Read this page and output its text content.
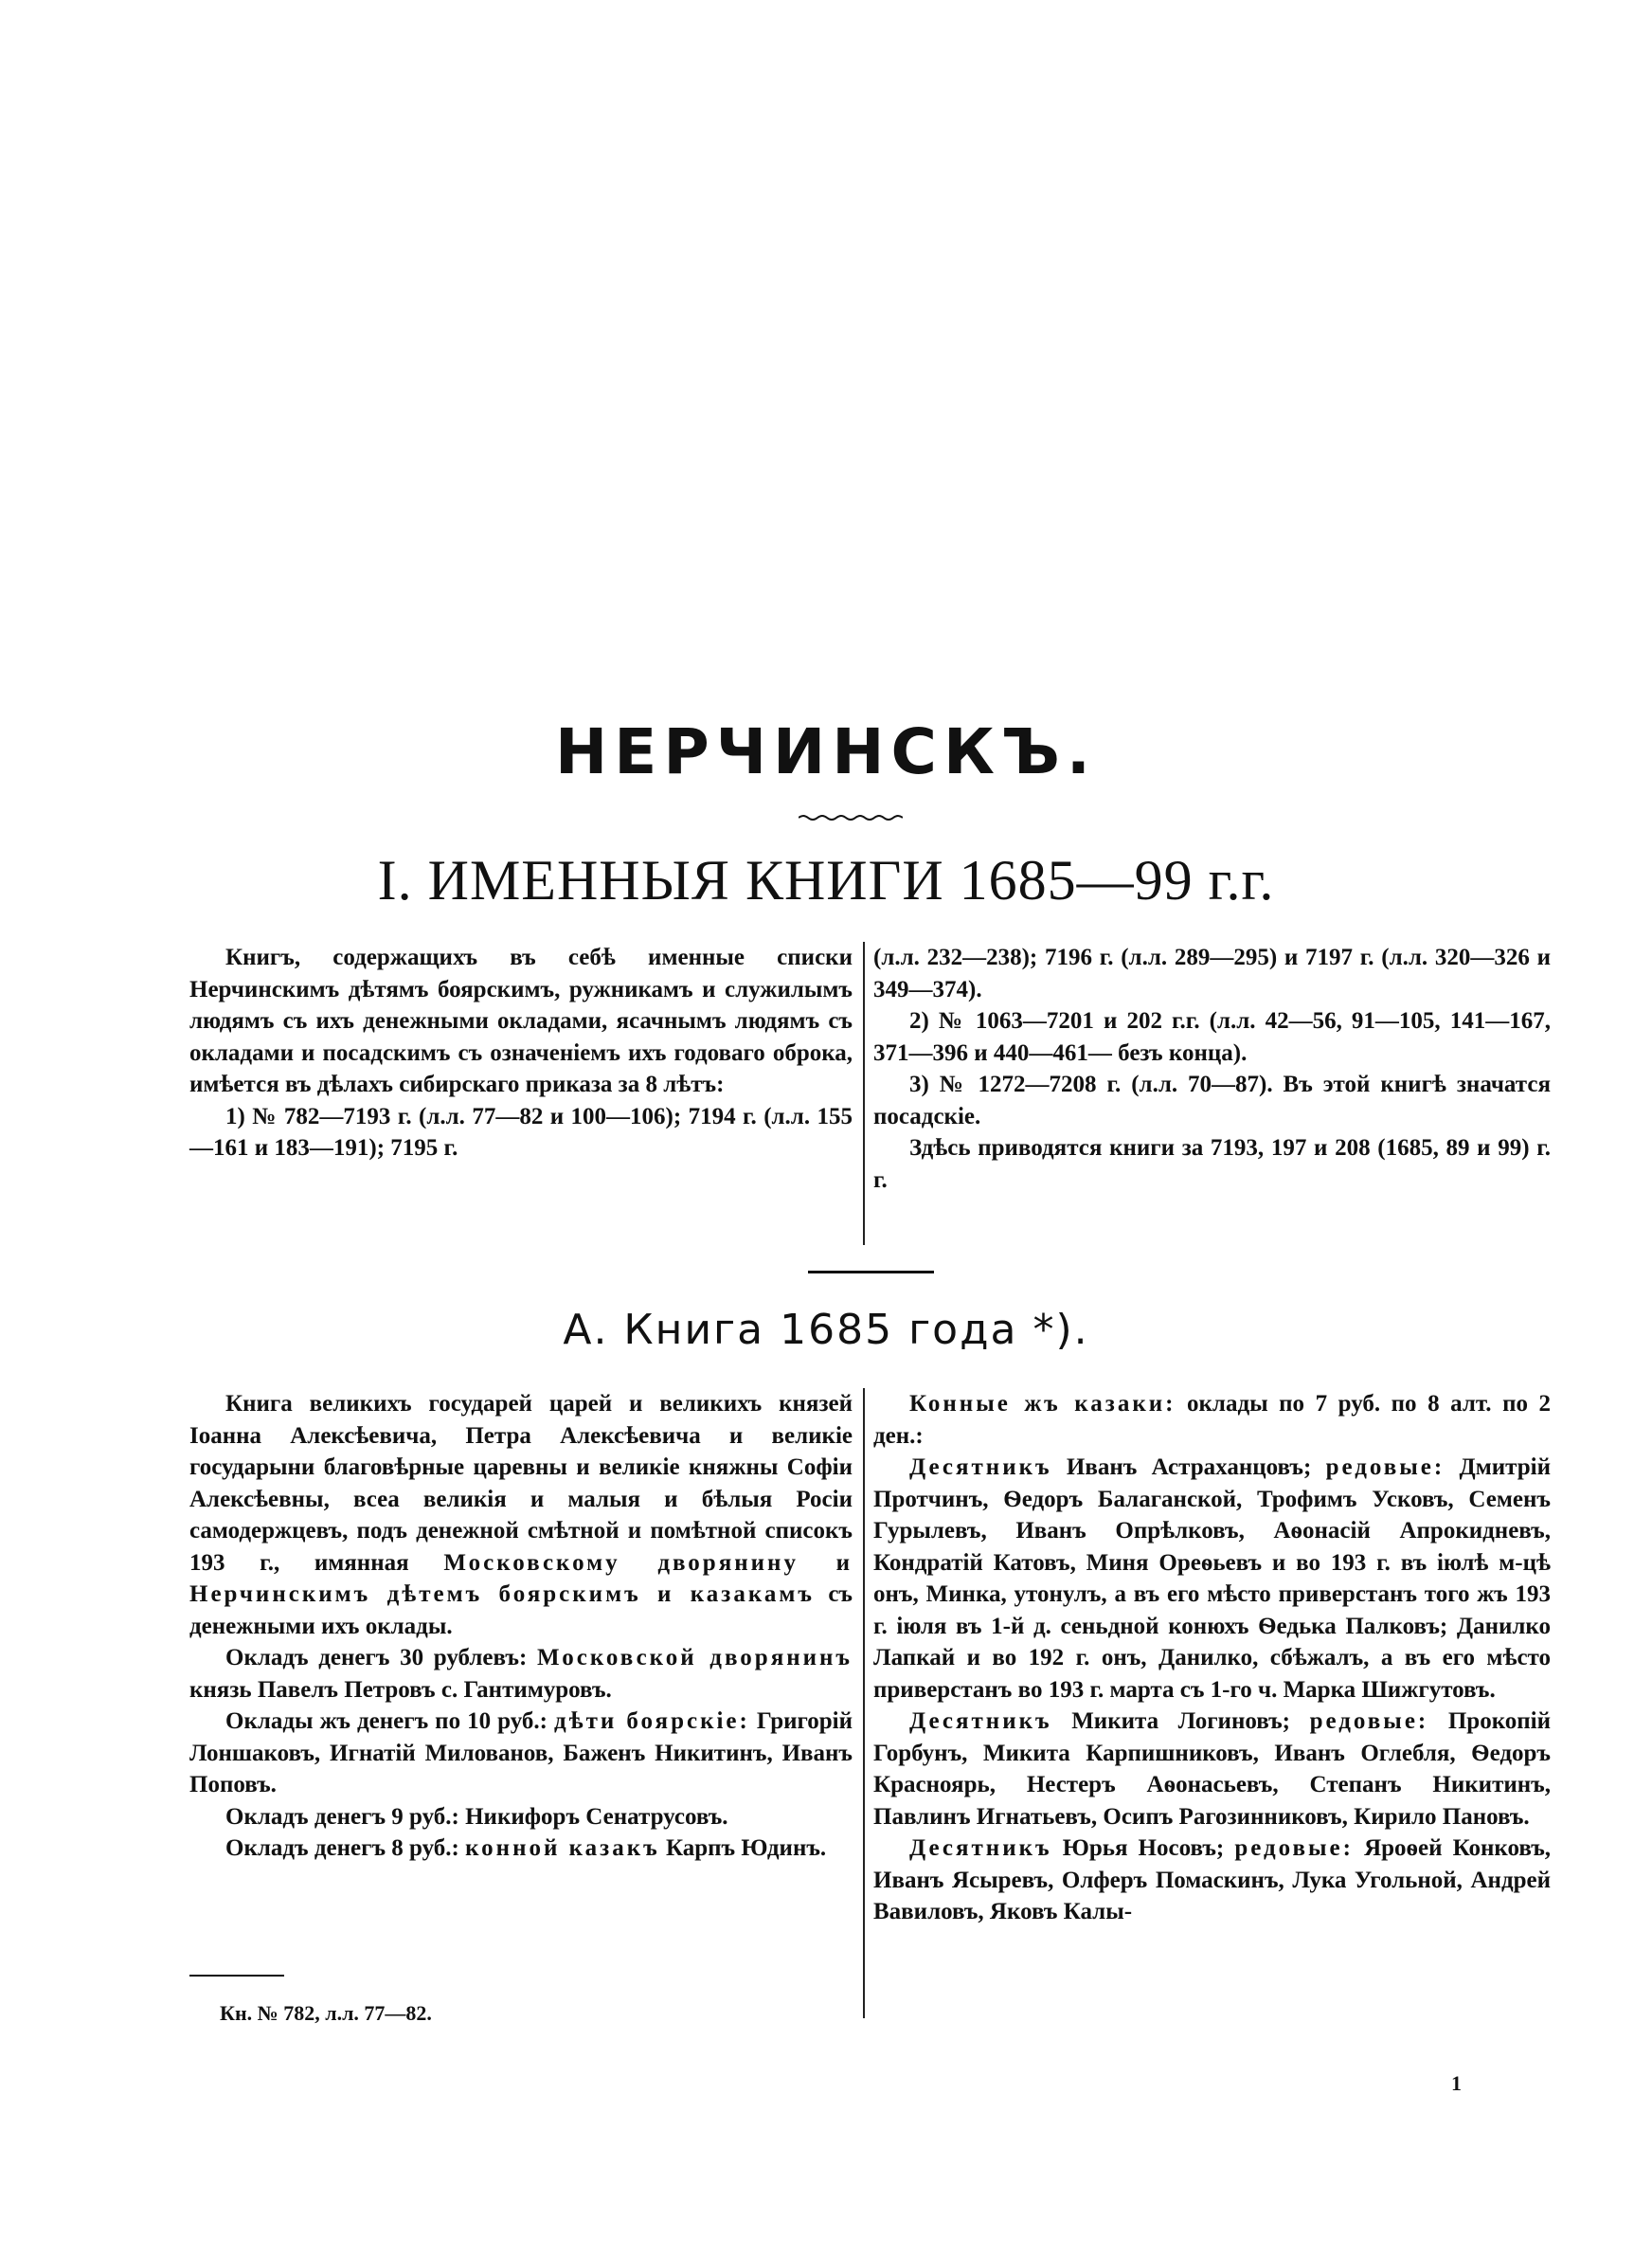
НЕРЧИНСКЪ.
I. ИМЕННЫЯ КНИГИ 1685—99 г.г.

Книгъ, содержащихъ въ себѣ именные списки Нерчинскимъ дѣтямъ боярскимъ, ружникамъ и служилымъ людямъ съ ихъ денежными окладами, ясачнымъ людямъ съ окладами и посадскимъ съ означеніемъ ихъ годоваго оброка, имѣется въ дѣлахъ сибирскаго приказа за 8 лѣтъ:

1) № 782—7193 г. (л.л. 77—82 и 100—106); 7194 г. (л.л. 155—161 и 183—191); 7195 г.

(л.л. 232—238); 7196 г. (л.л. 289—295) и 7197 г. (л.л. 320—326 и 349—374).

2) № 1063—7201 и 202 г.г. (л.л. 42—56, 91—105, 141—167, 371—396 и 440—461— безъ конца).

3) № 1272—7208 г. (л.л. 70—87). Въ этой книгѣ значатся посадскіе.

Здѣсь приводятся книги за 7193, 197 и 208 (1685, 89 и 99) г. г.

А. Книга 1685 года *).

Книга великихъ государей царей и великихъ князей Іоанна Алексѣевича, Петра Алексѣевича и великіе государыни благовѣрные царевны и великіе княжны Софіи Алексѣевны, всеа великія и малыя и бѣлыя Росіи самодержцевъ, подъ денежной смѣтной и помѣтной списокъ 193 г., имянная Московскому дворянину и Нерчинскимъ дѣтемъ боярскимъ и казакамъ съ денежными ихъ оклады.

Окладъ денегъ 30 рублевъ: Московской дворянинъ князь Павелъ Петровъ с. Гантимуровъ.

Оклады жъ денегъ по 10 руб.: дѣти боярскіе: Григорій Лоншаковъ, Игнатій Милованов, Баженъ Никитинъ, Иванъ Поповъ.

Окладъ денегъ 9 руб.: Никифоръ Сенатрусовъ.

Окладъ денегъ 8 руб.: конной казакъ Карпъ Юдинъ.

Конные жъ казаки: оклады по 7 руб. по 8 алт. по 2 ден.:

Десятникъ Иванъ Астраханцовъ; редовые: Дмитрій Протчинъ, Ѳедоръ Балаганской, Трофимъ Усковъ, Семенъ Гурылевъ, Иванъ Опрѣлковъ, Аѳонасій Апрокидневъ, Кондратій Катовъ, Миня Ореѳьевъ и во 193 г. въ іюлѣ м-цѣ онъ, Минка, утонулъ, а въ его мѣсто приверстанъ того жъ 193 г. іюля въ 1-й д. сеньдной конюхъ Ѳедька Палковъ; Данилко Лапкай и во 192 г. онъ, Данилко, сбѣжалъ, а въ его мѣсто приверстанъ во 193 г. марта съ 1-го ч. Марка Шижгутовъ.

Десятникъ Микита Логиновъ; редовые: Прокопій Горбунъ, Микита Карпишниковъ, Иванъ Оглебля, Ѳедоръ Красноярь, Нестеръ Аѳонасьевъ, Степанъ Никитинъ, Павлинъ Игнатьевъ, Осипъ Рагозинниковъ, Кирило Пановъ.

Десятникъ Юрья Носовъ; редовые: Яроѳей Конковъ, Иванъ Ясыревъ, Олферъ Помаскинъ, Лука Угольной, Андрей Вавиловъ, Яковъ Калы-

Кн. № 782, л.л. 77—82.
1
